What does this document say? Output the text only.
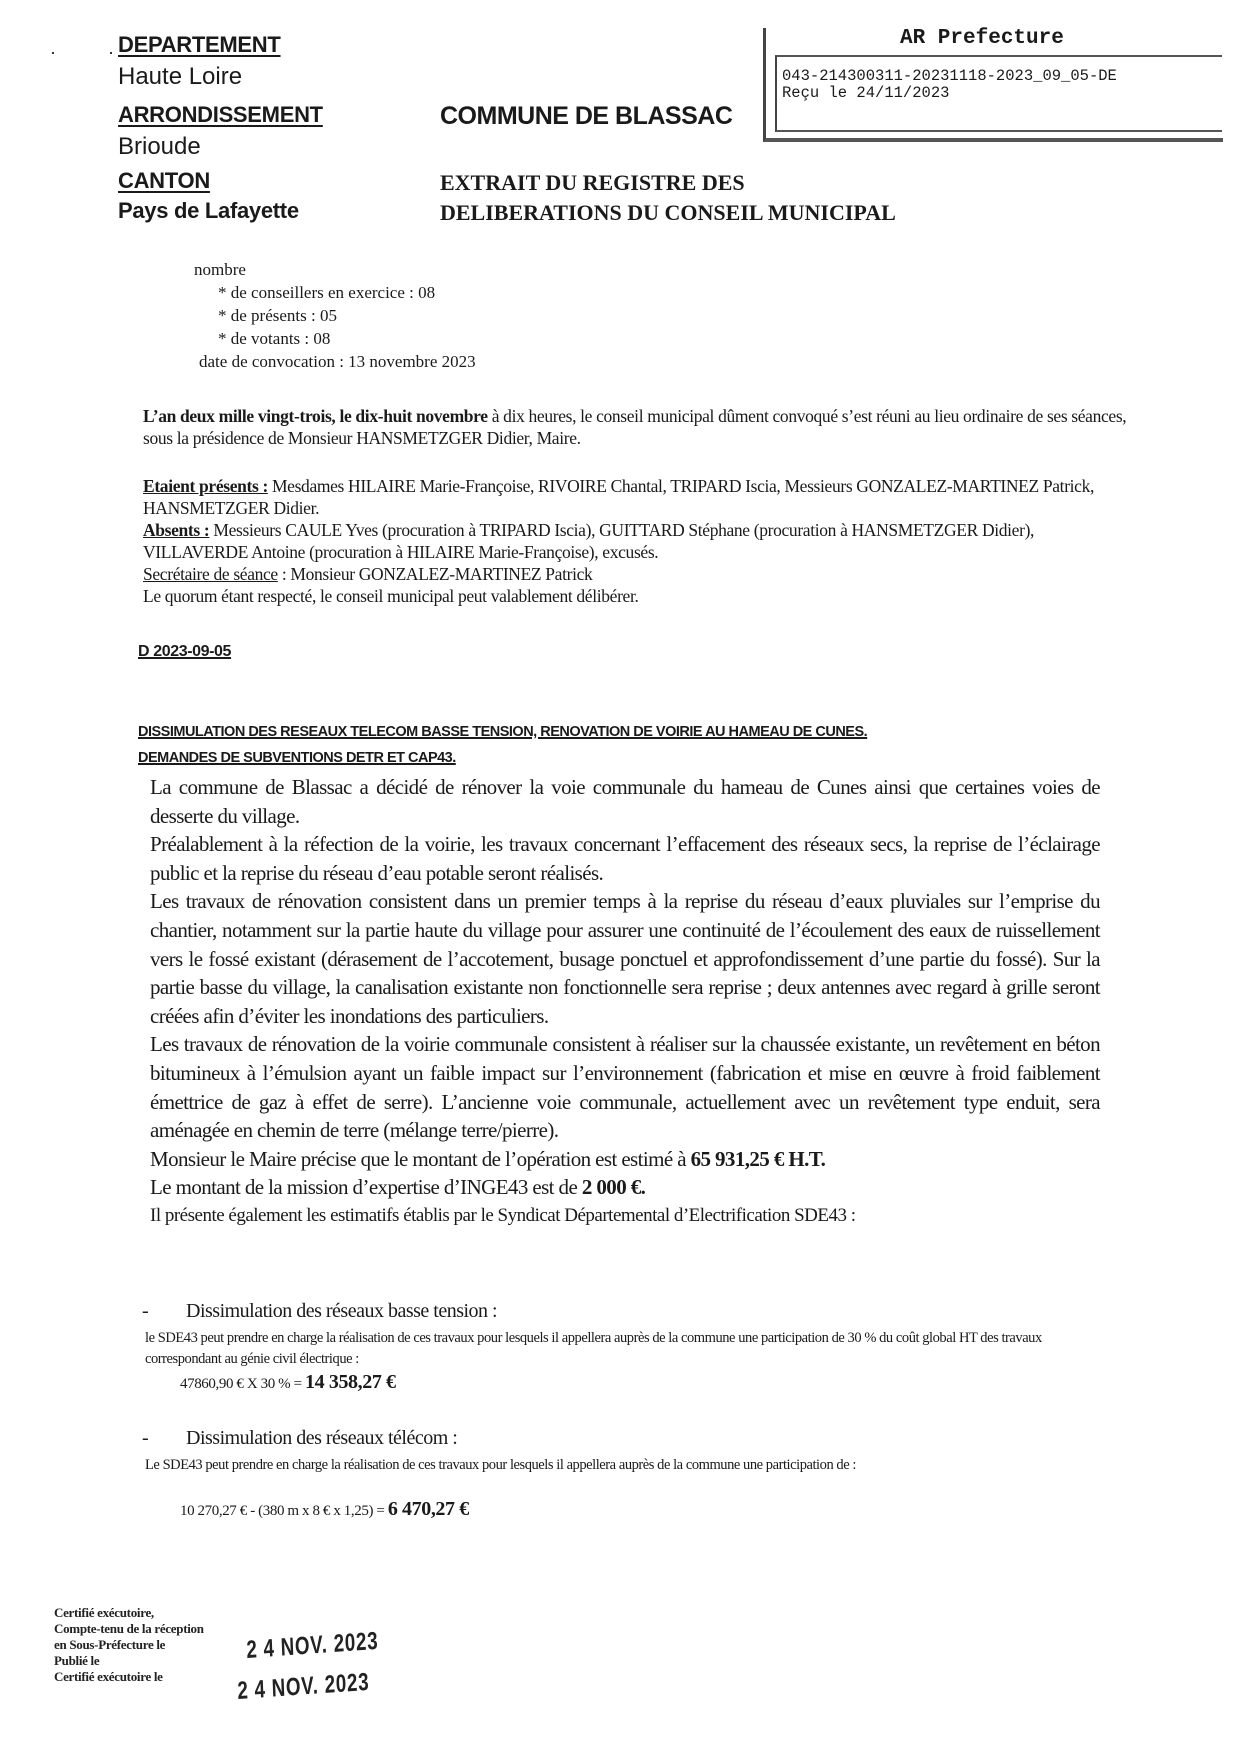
DEPARTEMENT
Haute Loire
ARRONDISSEMENT
Brioude
CANTON
Pays de Lafayette
COMMUNE DE BLASSAC
EXTRAIT DU REGISTRE DES
DELIBERATIONS DU CONSEIL MUNICIPAL
AR Prefecture
043-214300311-20231118-2023_09_05-DE
Reçu le 24/11/2023
nombre
* de conseillers en exercice : 08
* de présents : 05
* de votants : 08
date de convocation : 13 novembre 2023
L’an deux mille vingt-trois, le dix-huit novembre à dix heures, le conseil municipal dûment convoqué s’est réuni au lieu ordinaire de ses séances, sous la présidence de Monsieur HANSMETZGER Didier, Maire.
Etaient présents : Mesdames HILAIRE Marie-Françoise, RIVOIRE Chantal, TRIPARD Iscia, Messieurs GONZALEZ-MARTINEZ Patrick, HANSMETZGER Didier.
Absents : Messieurs CAULE Yves (procuration à TRIPARD Iscia), GUITTARD Stéphane (procuration à HANSMETZGER Didier), VILLAVERDE Antoine (procuration à HILAIRE Marie-Françoise), excusés.
Secrétaire de séance : Monsieur GONZALEZ-MARTINEZ Patrick
Le quorum étant respecté, le conseil municipal peut valablement délibérer.
D 2023-09-05
DISSIMULATION DES RESEAUX TELECOM BASSE TENSION, RENOVATION DE VOIRIE AU HAMEAU DE CUNES.
DEMANDES DE SUBVENTIONS DETR ET CAP43.

La commune de Blassac a décidé de rénover la voie communale du hameau de Cunes ainsi que certaines voies de desserte du village.

Préalablement à la réfection de la voirie, les travaux concernant l’effacement des réseaux secs, la reprise de l’éclairage public et la reprise du réseau d’eau potable seront réalisés.

Les travaux de rénovation consistent dans un premier temps à la reprise du réseau d’eaux pluviales sur l’emprise du chantier, notamment sur la partie haute du village pour assurer une continuité de l’écoulement des eaux de ruissellement vers le fossé existant (dérasement de l’accotement, busage ponctuel et approfondissement d’une partie du fossé). Sur la partie basse du village, la canalisation existante non fonctionnelle sera reprise ; deux antennes avec regard à grille seront créées afin d’éviter les inondations des particuliers.

Les travaux de rénovation de la voirie communale consistent à réaliser sur la chaussée existante, un revêtement en béton bitumineux à l’émulsion ayant un faible impact sur l’environnement (fabrication et mise en œuvre à froid faiblement émettrice de gaz à effet de serre). L’ancienne voie communale, actuellement avec un revêtement type enduit, sera aménagée en chemin de terre (mélange terre/pierre).

Monsieur le Maire précise que le montant de l’opération est estimé à 65 931,25 € H.T.

Le montant de la mission d’expertise d’INGE43 est de 2 000 €.

Il présente également les estimatifs établis par le Syndicat Départemental d’Electrification SDE43 :

- Dissimulation des réseaux basse tension :
le SDE43 peut prendre en charge la réalisation de ces travaux pour lesquels il appellera auprès de la commune une participation de 30 % du coût global HT des travaux correspondant au génie civil électrique :
47860,90 € X 30 % = 14 358,27 €
- Dissimulation des réseaux télécom :
Le SDE43 peut prendre en charge la réalisation de ces travaux pour lesquels il appellera auprès de la commune une participation de :
10 270,27 € - (380 m x 8 € x 1,25) = 6 470,27 €
Certifié exécutoire,
Compte-tenu de la réception
en Sous-Préfecture le
Publié le
Certifié exécutoire le
2 4 NOV. 2023
2 4 NOV. 2023
